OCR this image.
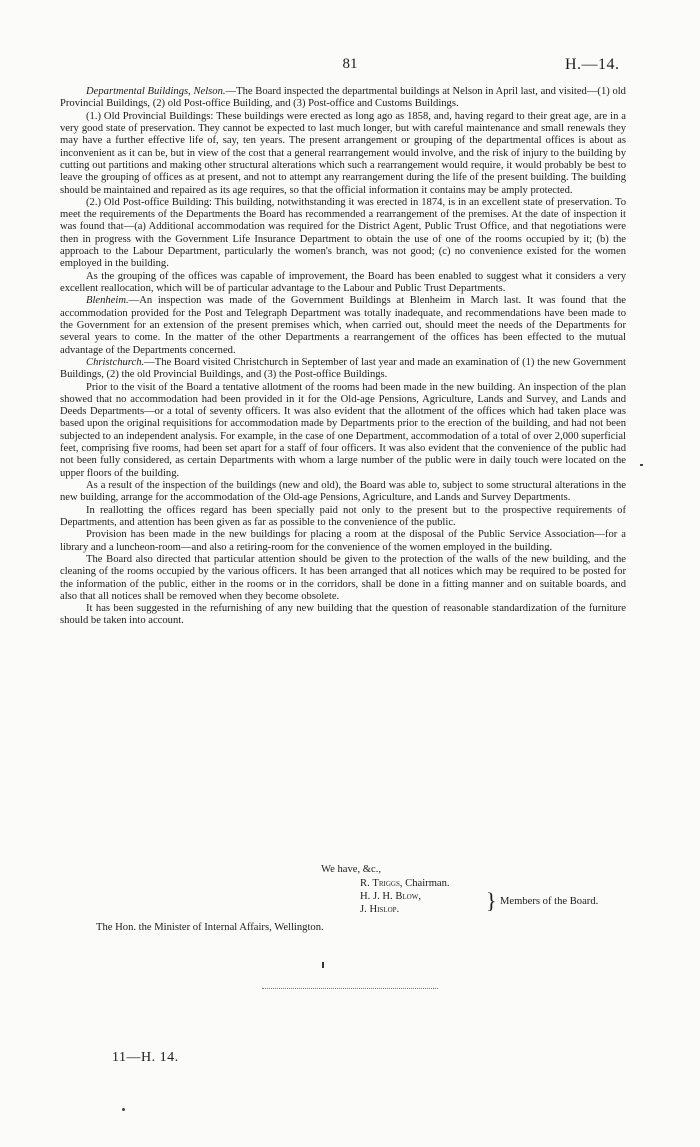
81	H.—14.

Departmental Buildings, Nelson.—The Board inspected the departmental buildings at Nelson in April last, and visited—(1) old Provincial Buildings, (2) old Post-office Building, and (3) Post-office and Customs Buildings.

(1.) Old Provincial Buildings: These buildings were erected as long ago as 1858, and, having regard to their great age, are in a very good state of preservation. They cannot be expected to last much longer, but with careful maintenance and small renewals they may have a further effective life of, say, ten years. The present arrangement or grouping of the departmental offices is about as inconvenient as it can be, but in view of the cost that a general rearrangement would involve, and the risk of injury to the building by cutting out partitions and making other structural alterations which such a rearrangement would require, it would probably be best to leave the grouping of offices as at present, and not to attempt any rearrangement during the life of the present building. The building should be maintained and repaired as its age requires, so that the official information it contains may be amply protected.

(2.) Old Post-office Building: This building, notwithstanding it was erected in 1874, is in an excellent state of preservation. To meet the requirements of the Departments the Board has recommended a rearrangement of the premises. At the date of inspection it was found that—(a) Additional accommodation was required for the District Agent, Public Trust Office, and that negotiations were then in progress with the Government Life Insurance Department to obtain the use of one of the rooms occupied by it; (b) the approach to the Labour Department, particularly the women's branch, was not good; (c) no convenience existed for the women employed in the building.

As the grouping of the offices was capable of improvement, the Board has been enabled to suggest what it considers a very excellent reallocation, which will be of particular advantage to the Labour and Public Trust Departments.

Blenheim.—An inspection was made of the Government Buildings at Blenheim in March last. It was found that the accommodation provided for the Post and Telegraph Department was totally inadequate, and recommendations have been made to the Government for an extension of the present premises which, when carried out, should meet the needs of the Departments for several years to come. In the matter of the other Departments a rearrangement of the offices has been effected to the mutual advantage of the Departments concerned.

Christchurch.—The Board visited Christchurch in September of last year and made an examination of (1) the new Government Buildings, (2) the old Provincial Buildings, and (3) the Post-office Buildings.

Prior to the visit of the Board a tentative allotment of the rooms had been made in the new building. An inspection of the plan showed that no accommodation had been provided in it for the Old-age Pensions, Agriculture, Lands and Survey, and Lands and Deeds Departments—or a total of seventy officers. It was also evident that the allotment of the offices which had taken place was based upon the original requisitions for accommodation made by Departments prior to the erection of the building, and had not been subjected to an independent analysis. For example, in the case of one Department, accommodation of a total of over 2,000 superficial feet, comprising five rooms, had been set apart for a staff of four officers. It was also evident that the convenience of the public had not been fully considered, as certain Departments with whom a large number of the public were in daily touch were located on the upper floors of the building.

As a result of the inspection of the buildings (new and old), the Board was able to, subject to some structural alterations in the new building, arrange for the accommodation of the Old-age Pensions, Agriculture, and Lands and Survey Departments.

In reallotting the offices regard has been specially paid not only to the present but to the prospective requirements of Departments, and attention has been given as far as possible to the convenience of the public.

Provision has been made in the new buildings for placing a room at the disposal of the Public Service Association—for a library and a luncheon-room—and also a retiring-room for the convenience of the women employed in the building.

The Board also directed that particular attention should be given to the protection of the walls of the new building, and the cleaning of the rooms occupied by the various officers. It has been arranged that all notices which may be required to be posted for the information of the public, either in the rooms or in the corridors, shall be done in a fitting manner and on suitable boards, and also that all notices shall be removed when they become obsolete.

It has been suggested in the refurnishing of any new building that the question of reasonable standardization of the furniture should be taken into account.

We have, &c.,
R. Triggs, Chairman.
H. J. H. Blow,
J. Hislop.	} Members of the Board.
The Hon. the Minister of Internal Affairs, Wellington.
11—H. 14.
